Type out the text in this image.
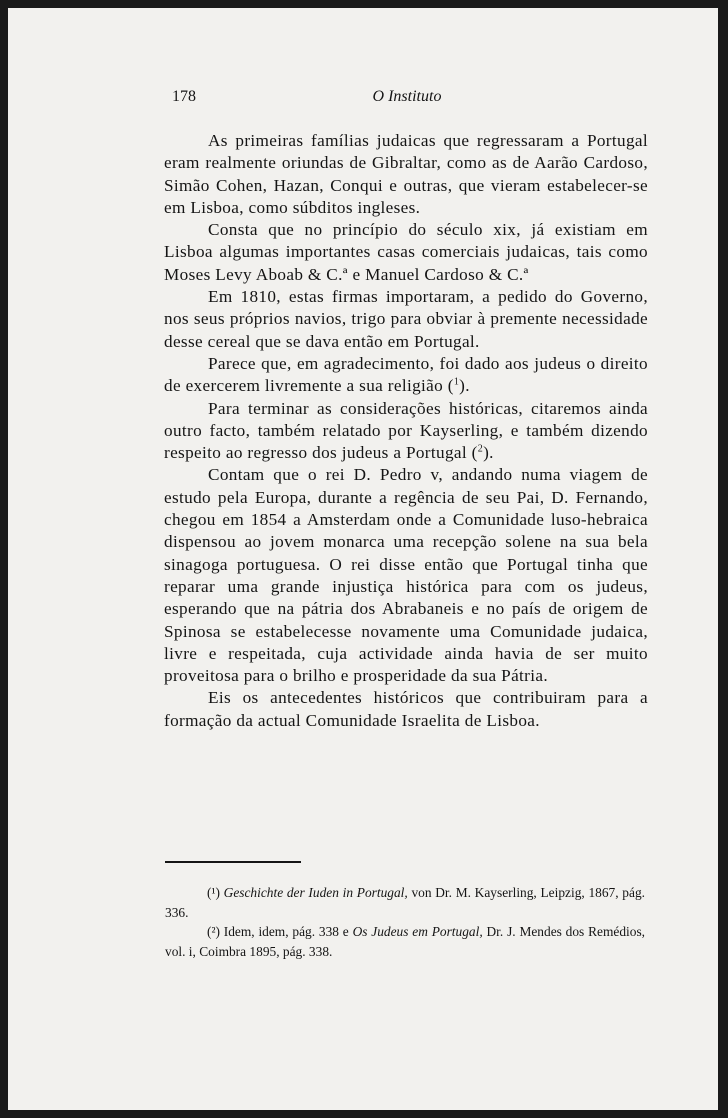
178	O Instituto

As primeiras famílias judaicas que regressaram a Portugal eram realmente oriundas de Gibraltar, como as de Aarão Cardoso, Simão Cohen, Hazan, Conqui e outras, que vieram estabelecer-se em Lisboa, como súbditos ingleses.

Consta que no princípio do século xix, já existiam em Lisboa algumas importantes casas comerciais judaicas, tais como Moses Levy Aboab & C.ª e Manuel Cardoso & C.ª

Em 1810, estas firmas importaram, a pedido do Governo, nos seus próprios navios, trigo para obviar à premente necessidade desse cereal que se dava então em Portugal.

Parece que, em agradecimento, foi dado aos judeus o direito de exercerem livremente a sua religião ($^1$).

Para terminar as considerações históricas, citaremos ainda outro facto, também relatado por Kayserling, e também dizendo respeito ao regresso dos judeus a Portugal ($^2$).

Contam que o rei D. Pedro v, andando numa viagem de estudo pela Europa, durante a regência de seu Pai, D. Fernando, chegou em 1854 a Amsterdam onde a Comunidade luso-hebraica dispensou ao jovem monarca uma recepção solene na sua bela sinagoga portuguesa. O rei disse então que Portugal tinha que reparar uma grande injustiça histórica para com os judeus, esperando que na pátria dos Abrabaneis e no país de origem de Spinosa se estabelecesse novamente uma Comunidade judaica, livre e respeitada, cuja actividade ainda havia de ser muito proveitosa para o brilho e prosperidade da sua Pátria.

Eis os antecedentes históricos que contribuiram para a formação da actual Comunidade Israelita de Lisboa.

(¹) Geschichte der Iuden in Portugal, von Dr. M. Kayserling, Leipzig, 1867, pág. 336.

(²) Idem, idem, pág. 338 e Os Judeus em Portugal, Dr. J. Mendes dos Remédios, vol. i, Coimbra 1895, pág. 338.
